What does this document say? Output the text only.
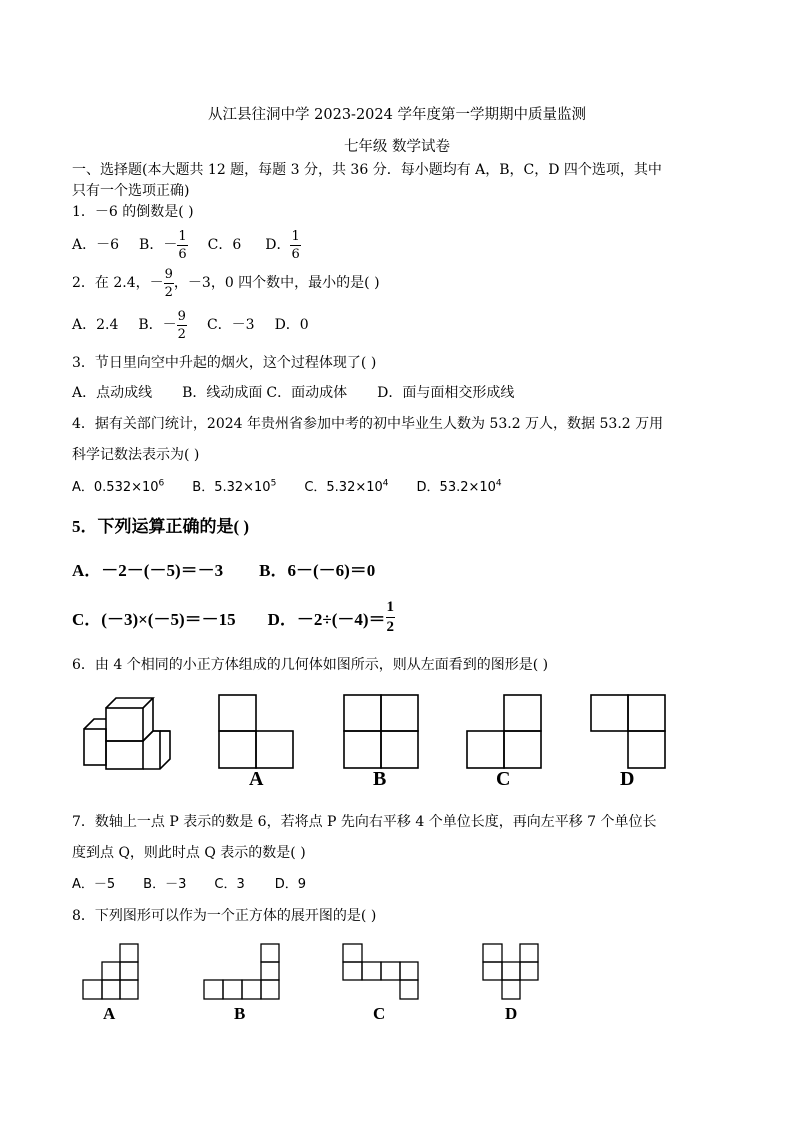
从江县往洞中学 2023-2024 学年度第一学期期中质量监测
七年级 数学试卷
一、选择题(本大题共 12 题，每题 3 分，共 36 分．每小题均有 A，B，C，D 四个选项，其中
只有一个选项正确)
1．－6 的倒数是( )
A．－6 B．－ $\frac{1}{6}$ C．6 D． $\frac{1}{6}$
2．在 2.4，－ $\frac{9}{2}$ ，－3，0 四个数中，最小的是( )
A．2.4 B．－ $\frac{9}{2}$ C．－3 D．0
3．节日里向空中升起的烟火，这个过程体现了( )
A．点动成线 B．线动成面 C．面动成体 D．面与面相交形成线
4．据有关部门统计，2024 年贵州省参加中考的初中毕业生人数为 53.2 万人，数据 53.2 万用
科学记数法表示为( )
A．$0.532\times 10^6$ B．$5.32\times 10^5$ C．$5.32\times 10^4$ D．$53.2\times 10^4$
5．下列运算正确的是( )
A．－2－(－5)＝－3 B．6－(－6)＝0
C．(－3)×(－5)＝－15 D．$-2\div(-4)= \frac{1}{2}$
6．由 4 个相同的小正方体组成的几何体如图所示，则从左面看到的图形是( )
A	B	C	D
7．数轴上一点 P 表示的数是 6，若将点 P 先向右平移 4 个单位长度，再向左平移 7 个单位长
度到点 Q，则此时点 Q 表示的数是( )
A．－5 B．－3 C．3 D．9
8．下列图形可以作为一个正方体的展开图的是( )
A	B	C	D
